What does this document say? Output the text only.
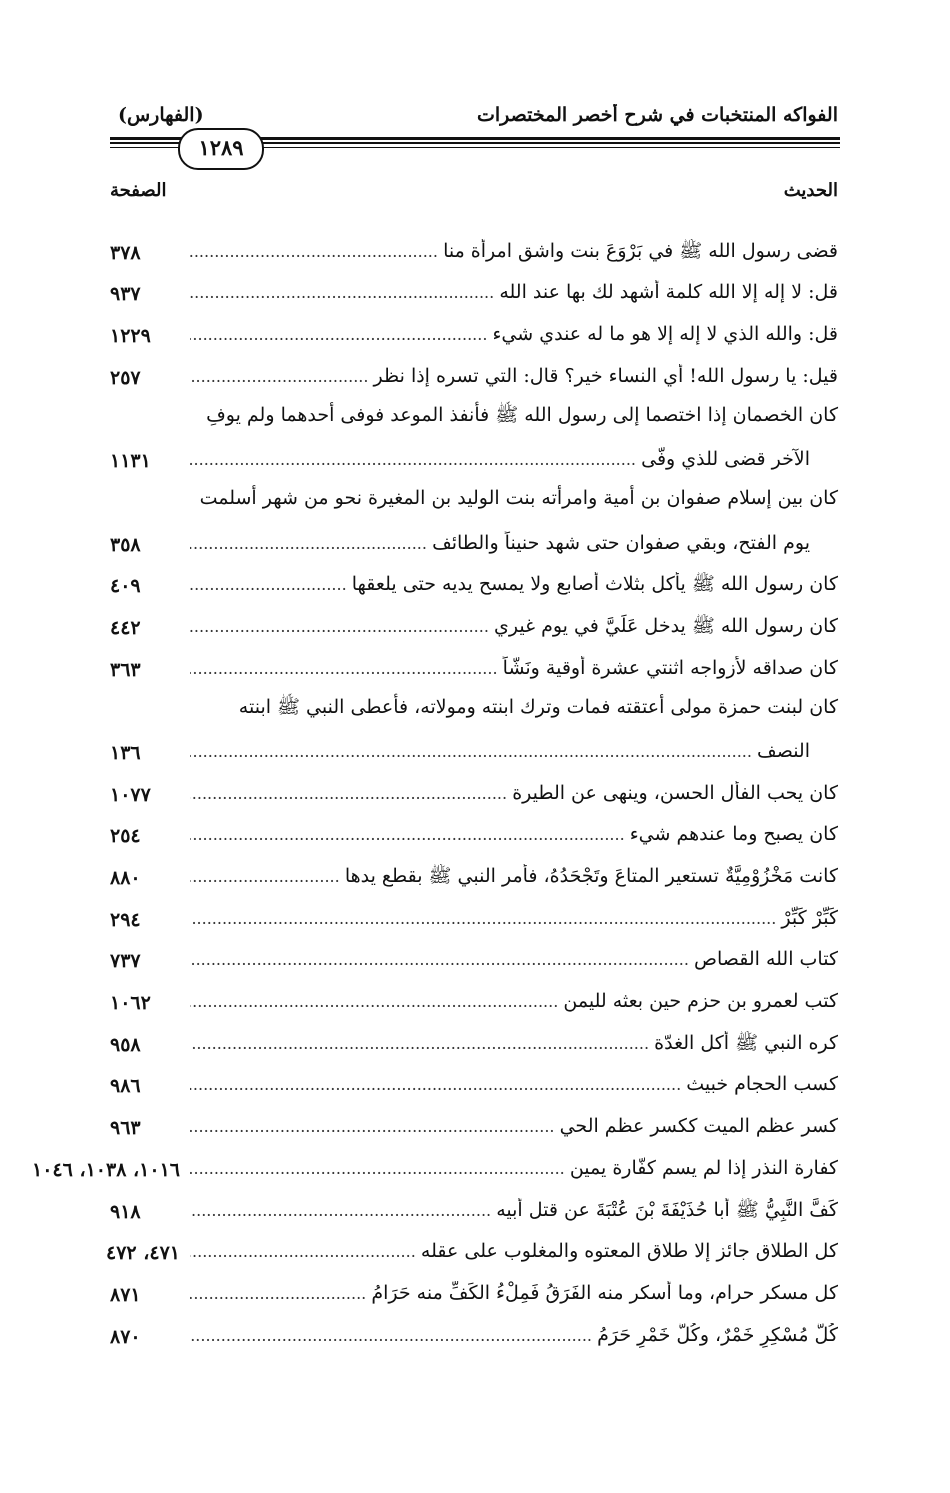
الفواكه المنتخبات في شرح أخصر المختصرات
(الفهارس)
١٢٨٩
الحديث
الصفحة
قضى رسول الله ﷺ في بَرْوَعَ بنت واشق امرأة منا .....
٣٧٨
قل: لا إله إلا الله كلمة أشهد لك بها عند الله .....
٩٣٧
قل: والله الذي لا إله إلا هو ما له عندي شيء .....
١٢٢٩
قيل: يا رسول الله! أي النساء خير؟ قال: التي تسره إذا نظر .....
٢٥٧
كان الخصمان إذا اختصما إلى رسول الله ﷺ فأنفذ الموعد فوفى أحدهما ولم يوفِ
الآخر قضى للذي وفّى .....
١١٣١
كان بين إسلام صفوان بن أمية وامرأته بنت الوليد بن المغيرة نحو من شهر أسلمت
يوم الفتح، وبقي صفوان حتى شهد حنيناً والطائف .....
٣٥٨
كان رسول الله ﷺ يأكل بثلاث أصابع ولا يمسح يديه حتى يلعقها .....
٤٠٩
كان رسول الله ﷺ يدخل عَلَيَّ في يوم غيري .....
٤٤٢
كان صداقه لأزواجه اثنتي عشرة أوقية ونَشّاً .....
٣٦٣
كان لبنت حمزة مولى أعتقته فمات وترك ابنته ومولاته، فأعطى النبي ﷺ ابنته
النصف .....
١٣٦
كان يحب الفأل الحسن، وينهى عن الطيرة .....
١٠٧٧
كان يصبح وما عندهم شيء .....
٢٥٤
كانت مَخْزُوْمِيَّةٌ تستعير المتاعَ وتَجْحَدُهُ، فأمر النبي ﷺ بقطع يدها .....
٨٨٠
كَبِّرْ كَبِّرْ .....
٢٩٤
كتاب الله القصاص .....
٧٣٧
كتب لعمرو بن حزم حين بعثه لليمن .....
١٠٦٢
كره النبي ﷺ أكل الغدّة .....
٩٥٨
كسب الحجام خبيث .....
٩٨٦
كسر عظم الميت ككسر عظم الحي .....
٩٦٣
كفارة النذر إذا لم يسم كفّارة يمين .....
١٠١٦، ١٠٣٨، ١٠٤٦
كَفَّ النَّبِيُّ ﷺ أبا حُذَيْفَةَ بْنَ عُتْبَةَ عن قتل أبيه .....
٩١٨
كل الطلاق جائز إلا طلاق المعتوه والمغلوب على عقله .....
٤٧١، ٤٧٢
كل مسكر حرام، وما أسكر منه الفَرَقُ فَمِلْءُ الكَفِّ منه حَرَامُ .....
٨٧١
كُلُّ مُسْكِرٍ خَمْرٌ، وكُلُّ خَمْرٍ حَرَمُ .....
٨٧٠
